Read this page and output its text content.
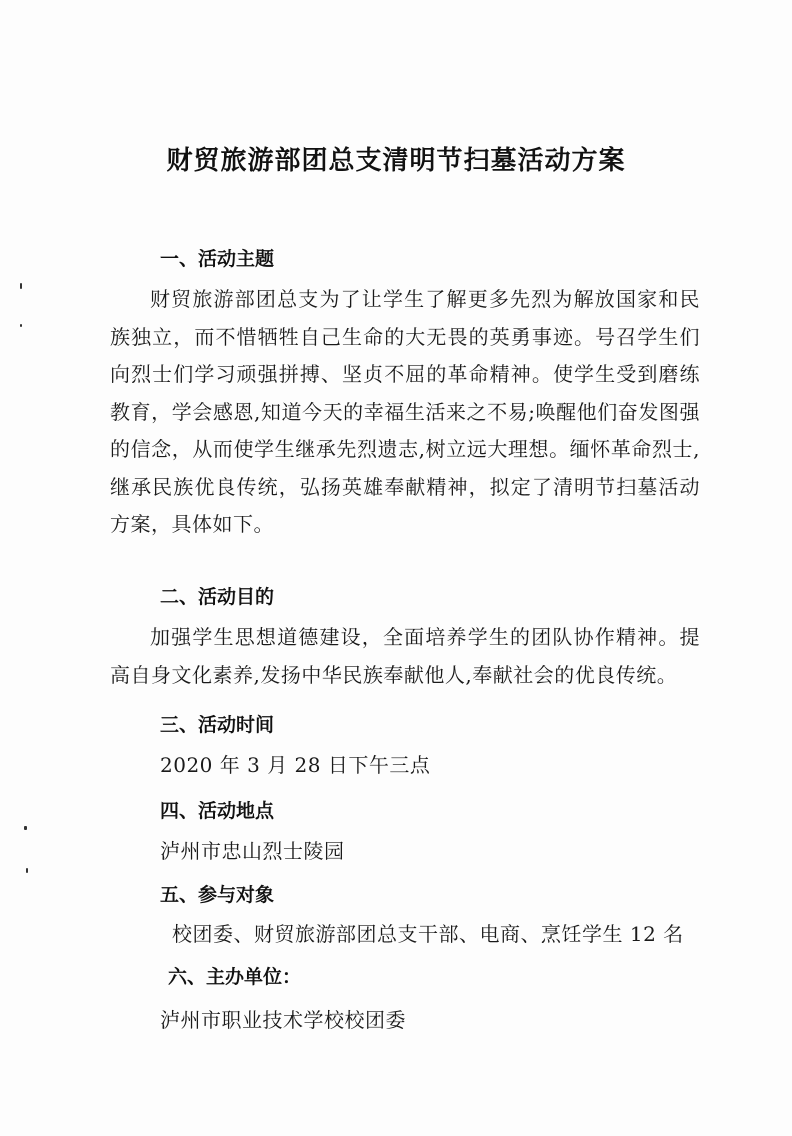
财贸旅游部团总支清明节扫墓活动方案
一、活动主题
财贸旅游部团总支为了让学生了解更多先烈为解放国家和民族独立，而不惜牺牲自己生命的大无畏的英勇事迹。号召学生们向烈士们学习顽强拼搏、坚贞不屈的革命精神。使学生受到磨练教育，学会感恩,知道今天的幸福生活来之不易;唤醒他们奋发图强的信念，从而使学生继承先烈遗志,树立远大理想。缅怀革命烈士,继承民族优良传统，弘扬英雄奉献精神，拟定了清明节扫墓活动方案，具体如下。
二、活动目的
加强学生思想道德建设，全面培养学生的团队协作精神。提高自身文化素养,发扬中华民族奉献他人,奉献社会的优良传统。
三、活动时间
2020 年 3 月 28 日下午三点
四、活动地点
泸州市忠山烈士陵园
五、参与对象
校团委、财贸旅游部团总支干部、电商、烹饪学生 12 名
六、主办单位：
泸州市职业技术学校校团委
